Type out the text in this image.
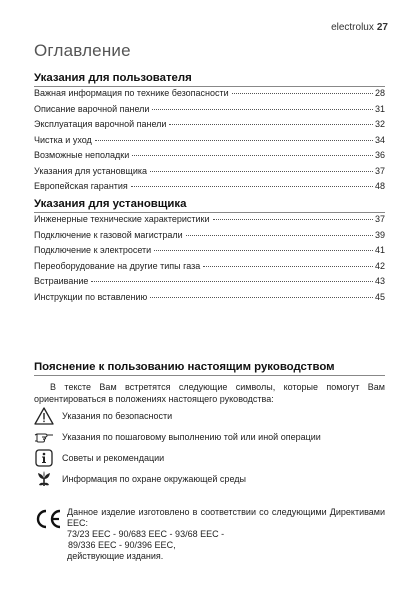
electrolux 27
Оглавление
Указания для пользователя
Важная информация по технике безопасности	28
Описание варочной панели	31
Эксплуатация варочной панели	32
Чистка и уход	34
Возможные неполадки	36
Указания для установщика	37
Европейская гарантия	48
Указания для установщика
Инженерные технические характеристики	37
Подключение к газовой магистрали	39
Подключение к электросети	41
Переоборудование на другие типы газа	42
Встраивание	43
Инструкции по вставлению	45
Пояснение к пользованию настоящим руководством

В тексте Вам встретятся следующие символы, которые помогут Вам ориентироваться в положениях настоящего руководства:

Указания по безопасности
Указания по пошаговому выполнению той или иной операции
Советы и рекомендации
Информация по охране окружающей среды
Данное изделие изготовлено в соответствии со следующими Директивами ЕЕС:
73/23 EEC - 90/683 EEC - 93/68 EEC -
89/336 EEC - 90/396 EEC,
действующие издания.
